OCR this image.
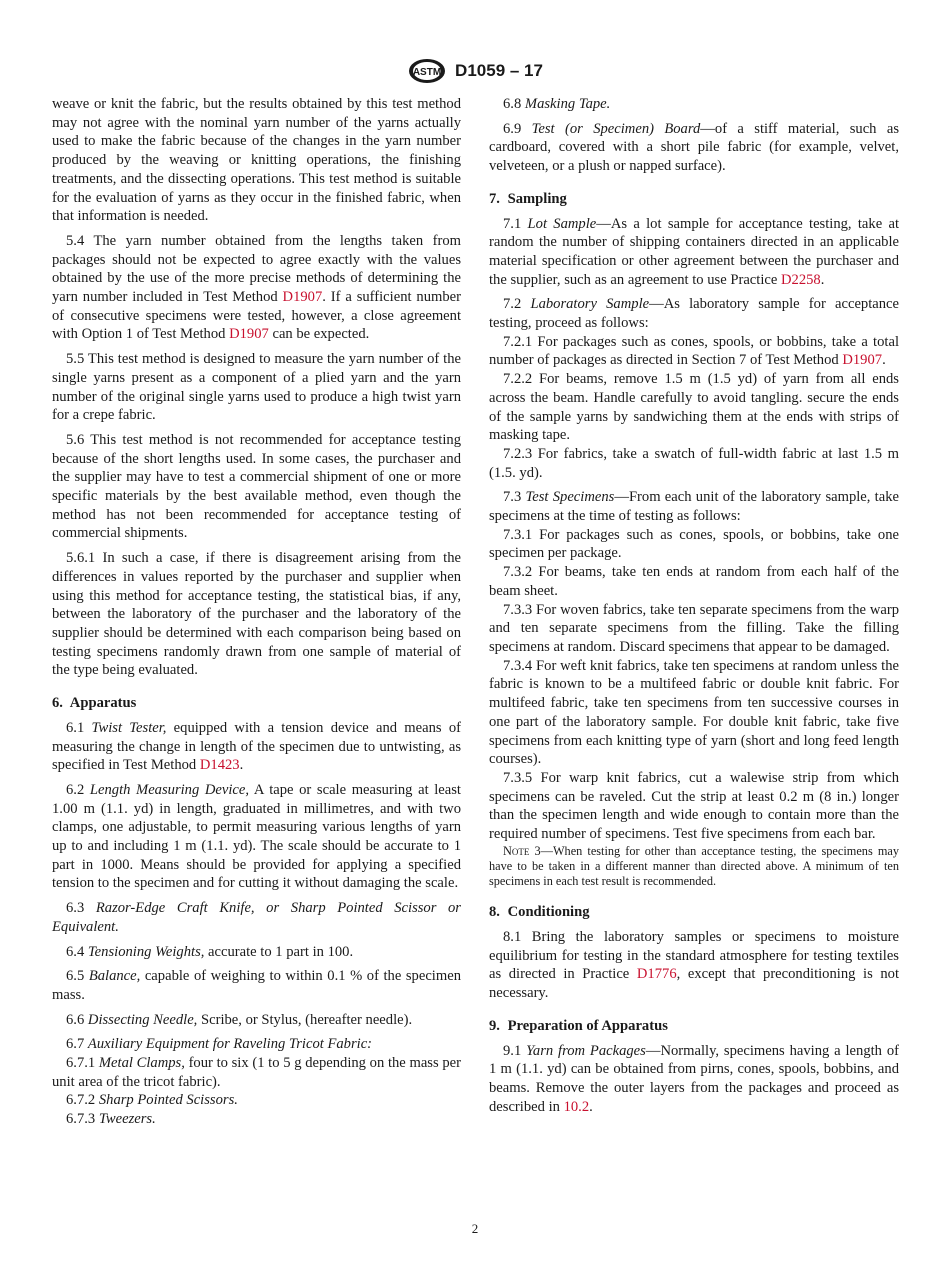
ASTM D1059 – 17

weave or knit the fabric, but the results obtained by this test method may not agree with the nominal yarn number of the yarns actually used to make the fabric because of the changes in the yarn number produced by the weaving or knitting operations, the finishing treatments, and the dissecting operations. This test method is suitable for the evaluation of yarns as they occur in the finished fabric, when that information is needed.

5.4 The yarn number obtained from the lengths taken from packages should not be expected to agree exactly with the values obtained by the use of the more precise methods of determining the yarn number included in Test Method D1907. If a sufficient number of consecutive specimens were tested, however, a close agreement with Option 1 of Test Method D1907 can be expected.

5.5 This test method is designed to measure the yarn number of the single yarns present as a component of a plied yarn and the yarn number of the original single yarns used to produce a high twist yarn for a crepe fabric.

5.6 This test method is not recommended for acceptance testing because of the short lengths used. In some cases, the purchaser and the supplier may have to test a commercial shipment of one or more specific materials by the best available method, even though the method has not been recommended for acceptance testing of commercial shipments.

5.6.1 In such a case, if there is disagreement arising from the differences in values reported by the purchaser and supplier when using this method for acceptance testing, the statistical bias, if any, between the laboratory of the purchaser and the laboratory of the supplier should be determined with each comparison being based on testing specimens randomly drawn from one sample of material of the type being evaluated.

6. Apparatus

6.1 Twist Tester, equipped with a tension device and means of measuring the change in length of the specimen due to untwisting, as specified in Test Method D1423.

6.2 Length Measuring Device, A tape or scale measuring at least 1.00 m (1.1. yd) in length, graduated in millimetres, and with two clamps, one adjustable, to permit measuring various lengths of yarn up to and including 1 m (1.1. yd). The scale should be accurate to 1 part in 1000. Means should be provided for applying a specified tension to the specimen and for cutting it without damaging the scale.

6.3 Razor-Edge Craft Knife, or Sharp Pointed Scissor or Equivalent.

6.4 Tensioning Weights, accurate to 1 part in 100.

6.5 Balance, capable of weighing to within 0.1 % of the specimen mass.

6.6 Dissecting Needle, Scribe, or Stylus, (hereafter needle).

6.7 Auxiliary Equipment for Raveling Tricot Fabric:

6.7.1 Metal Clamps, four to six (1 to 5 g depending on the mass per unit area of the tricot fabric).

6.7.2 Sharp Pointed Scissors.

6.7.3 Tweezers.

6.8 Masking Tape.

6.9 Test (or Specimen) Board—of a stiff material, such as cardboard, covered with a short pile fabric (for example, velvet, velveteen, or a plush or napped surface).

7. Sampling

7.1 Lot Sample—As a lot sample for acceptance testing, take at random the number of shipping containers directed in an applicable material specification or other agreement between the purchaser and the supplier, such as an agreement to use Practice D2258.

7.2 Laboratory Sample—As laboratory sample for acceptance testing, proceed as follows:

7.2.1 For packages such as cones, spools, or bobbins, take a total number of packages as directed in Section 7 of Test Method D1907.

7.2.2 For beams, remove 1.5 m (1.5 yd) of yarn from all ends across the beam. Handle carefully to avoid tangling. secure the ends of the sample yarns by sandwiching them at the ends with strips of masking tape.

7.2.3 For fabrics, take a swatch of full-width fabric at last 1.5 m (1.5. yd).

7.3 Test Specimens—From each unit of the laboratory sample, take specimens at the time of testing as follows:

7.3.1 For packages such as cones, spools, or bobbins, take one specimen per package.

7.3.2 For beams, take ten ends at random from each half of the beam sheet.

7.3.3 For woven fabrics, take ten separate specimens from the warp and ten separate specimens from the filling. Take the filling specimens at random. Discard specimens that appear to be damaged.

7.3.4 For weft knit fabrics, take ten specimens at random unless the fabric is known to be a multifeed fabric or double knit fabric. For multifeed fabric, take ten specimens from ten successive courses in one part of the laboratory sample. For double knit fabric, take five specimens from each knitting type of yarn (short and long feed length courses).

7.3.5 For warp knit fabrics, cut a walewise strip from which specimens can be raveled. Cut the strip at least 0.2 m (8 in.) longer than the specimen length and wide enough to contain more than the required number of specimens. Test five specimens from each bar.

Note 3—When testing for other than acceptance testing, the specimens may have to be taken in a different manner than directed above. A minimum of ten specimens in each test result is recommended.
8. Conditioning

8.1 Bring the laboratory samples or specimens to moisture equilibrium for testing in the standard atmosphere for testing textiles as directed in Practice D1776, except that preconditioning is not necessary.

9. Preparation of Apparatus

9.1 Yarn from Packages—Normally, specimens having a length of 1 m (1.1. yd) can be obtained from pirns, cones, spools, bobbins, and beams. Remove the outer layers from the packages and proceed as described in 10.2.

2
